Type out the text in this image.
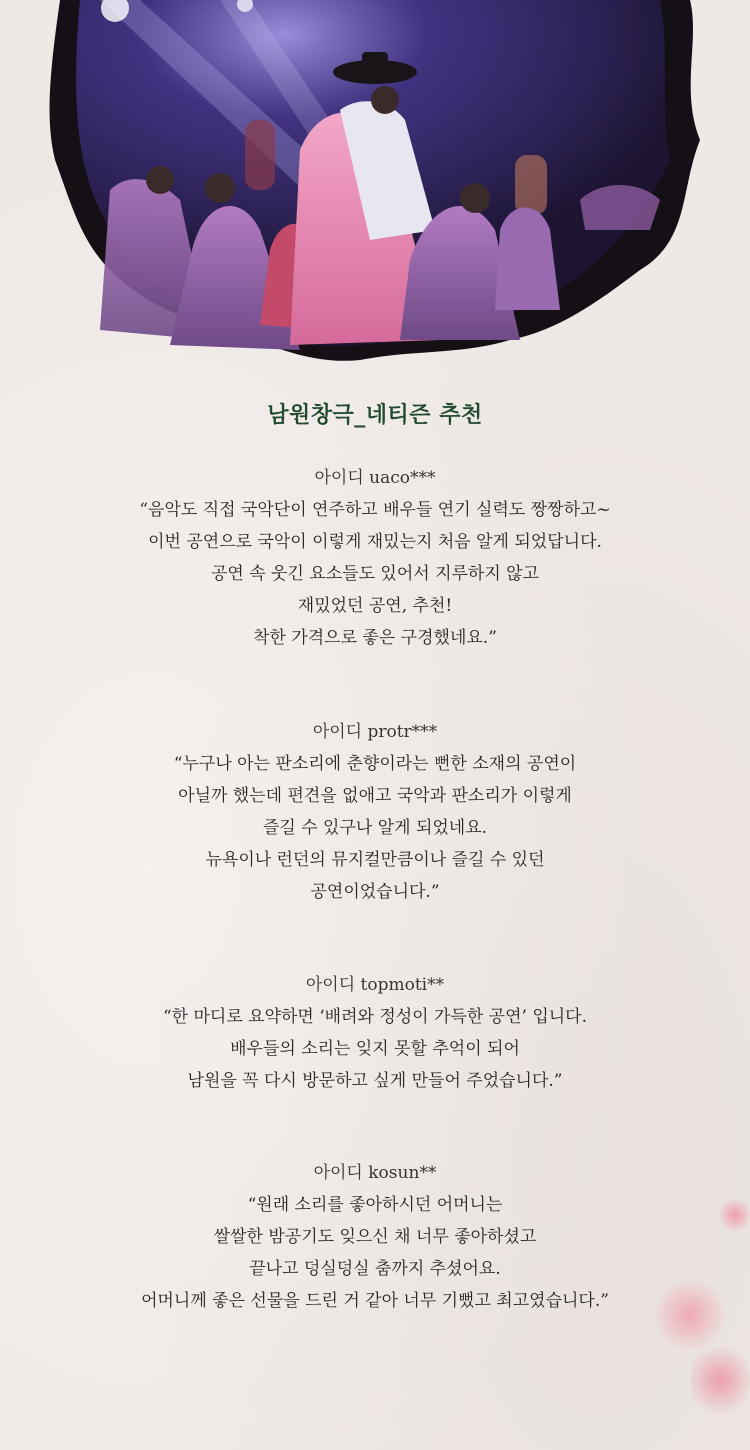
남원창극_네티즌 추천
아이디 uaco***
“음악도 직접 국악단이 연주하고 배우들 연기 실력도 짱짱하고~
이번 공연으로 국악이 이렇게 재밌는지 처음 알게 되었답니다.
공연 속 웃긴 요소들도 있어서 지루하지 않고
재밌었던 공연, 추천!
착한 가격으로 좋은 구경했네요.”
아이디 protr***
“누구나 아는 판소리에 춘향이라는 뻔한 소재의 공연이
아닐까 했는데 편견을 없애고 국악과 판소리가 이렇게
즐길 수 있구나 알게 되었네요.
뉴욕이나 런던의 뮤지컬만큼이나 즐길 수 있던
공연이었습니다.”
아이디 topmoti**
“한 마디로 요약하면 ‘배려와 정성이 가득한 공연’ 입니다.
배우들의 소리는 잊지 못할 추억이 되어
남원을 꼭 다시 방문하고 싶게 만들어 주었습니다.”
아이디 kosun**
“원래 소리를 좋아하시던 어머니는
쌀쌀한 밤공기도 잊으신 채 너무 좋아하셨고
끝나고 덩실덩실 춤까지 추셨어요.
어머니께 좋은 선물을 드린 거 같아 너무 기뻤고 최고였습니다.”
